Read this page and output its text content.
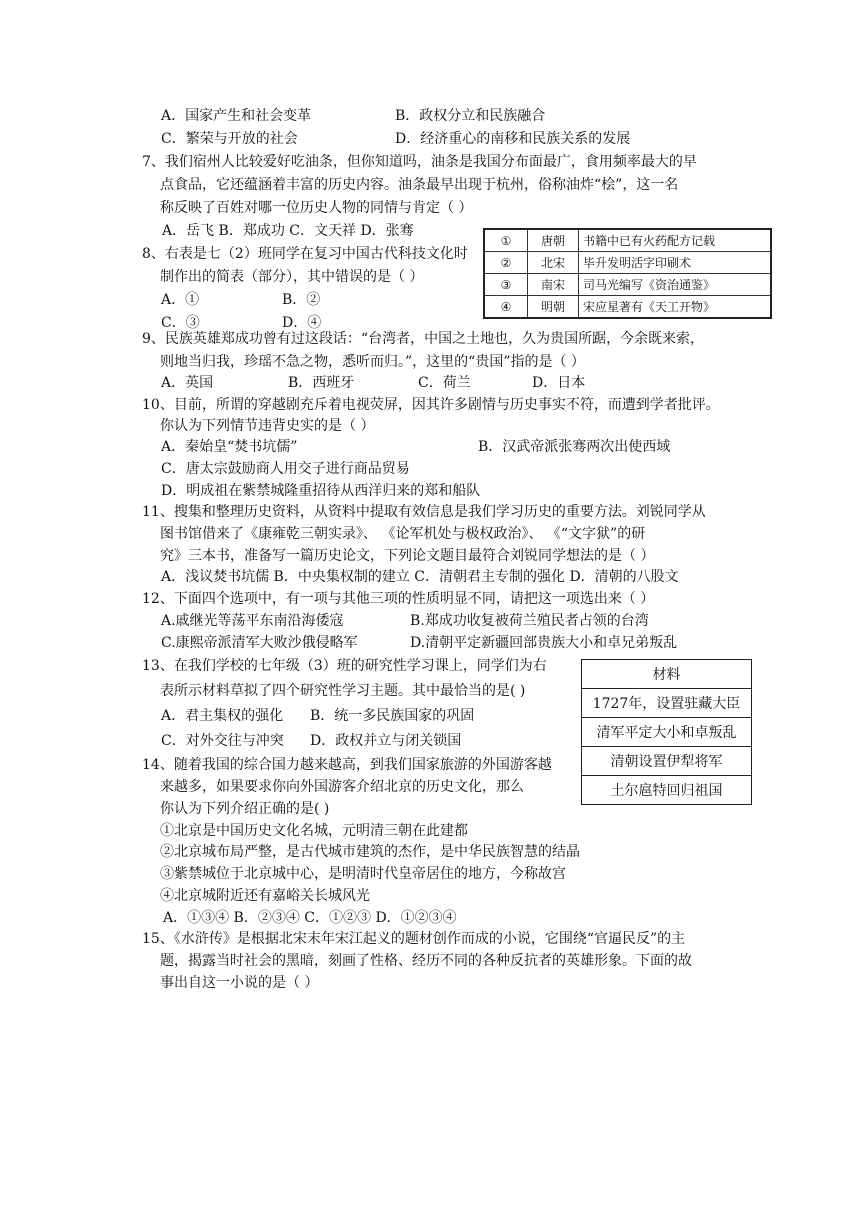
A．国家产生和社会变革	B．政权分立和民族融合
C．繁荣与开放的社会	D．经济重心的南移和民族关系的发展
7、我们宿州人比较爱好吃油条，但你知道吗，油条是我国分布面最广，食用频率最大的早
点食品，它还蕴涵着丰富的历史内容。油条最早出现于杭州，俗称油炸“桧”，这一名
称反映了百姓对哪一位历史人物的同情与肯定（ ）
A．岳飞 B．郑成功 C．文天祥 D．张骞
8、右表是七（2）班同学在复习中国古代科技文化时
制作出的简表（部分），其中错误的是（ ）
A．①	B．②
C．③	D．④
①	唐朝	书籍中已有火药配方记载
②	北宋	毕升发明活字印刷术
③	南宋	司马光编写《资治通鉴》
④	明朝	宋应星著有《天工开物》
9、民族英雄郑成功曾有过这段话：“台湾者，中国之土地也，久为贵国所踞，今余既来索，
则地当归我，珍瑶不急之物，悉听而归。”，这里的“贵国”指的是（ ）
A．英国	B．西班牙	C．荷兰	D．日本
10、目前，所谓的穿越剧充斥着电视荧屏，因其许多剧情与历史事实不符，而遭到学者批评。
你认为下列情节违背史实的是（ ）
A．秦始皇“焚书坑儒”	B．汉武帝派张骞两次出使西域
C．唐太宗鼓励商人用交子进行商品贸易
D．明成祖在紫禁城隆重招待从西洋归来的郑和船队
11、搜集和整理历史资料，从资料中提取有效信息是我们学习历史的重要方法。刘锐同学从
图书馆借来了《康雍乾三朝实录》、 《论军机处与极权政治》、 《“文字狱”的研
究》三本书，准备写一篇历史论文，下列论文题目最符合刘锐同学想法的是（ ）
A．浅议焚书坑儒 B．中央集权制的建立 C．清朝君主专制的强化 D．清朝的八股文
12、下面四个选项中，有一项与其他三项的性质明显不同，请把这一项选出来（ ）
A.戚继光等荡平东南沿海倭寇	B.郑成功收复被荷兰殖民者占领的台湾
C.康熙帝派清军大败沙俄侵略军	D.清朝平定新疆回部贵族大小和卓兄弟叛乱
13、在我们学校的七年级（3）班的研究性学习课上，同学们为右
表所示材料草拟了四个研究性学习主题。其中最恰当的是( )
A．君主集权的强化 B．统一多民族国家的巩固
C．对外交往与冲突 D．政权并立与闭关锁国
材料
1727年，设置驻藏大臣
清军平定大小和卓叛乱
清朝设置伊犁将军
土尔扈特回归祖国
14、随着我国的综合国力越来越高，到我们国家旅游的外国游客越
来越多，如果要求你向外国游客介绍北京的历史文化，那么
你认为下列介绍正确的是( )
①北京是中国历史文化名城，元明清三朝在此建都
②北京城布局严整，是古代城市建筑的杰作，是中华民族智慧的结晶
③紫禁城位于北京城中心，是明清时代皇帝居住的地方，今称故宫
④北京城附近还有嘉峪关长城风光
A．①③④ B．②③④ C．①②③ D．①②③④
15、《水浒传》是根据北宋末年宋江起义的题材创作而成的小说，它围绕“官逼民反”的主
题，揭露当时社会的黑暗，刻画了性格、经历不同的各种反抗者的英雄形象。下面的故
事出自这一小说的是（ ）
